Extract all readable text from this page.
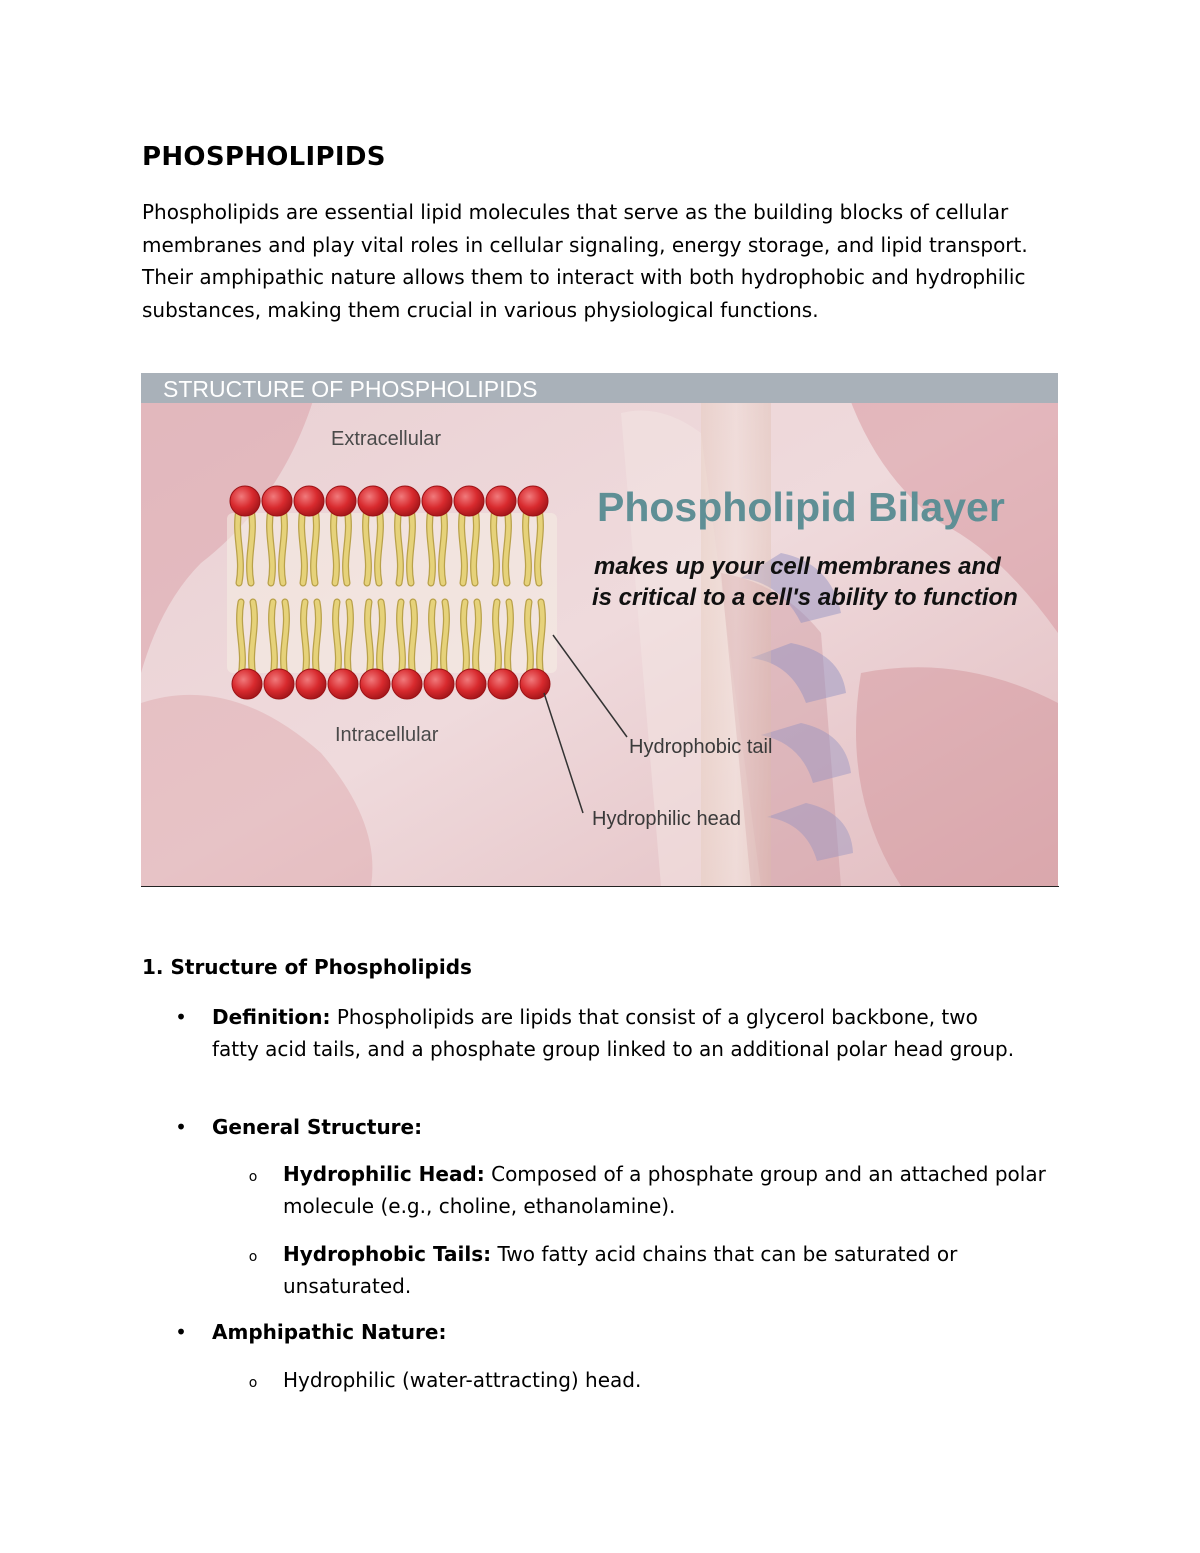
PHOSPHOLIPIDS

Phospholipids are essential lipid molecules that serve as the building blocks of cellular membranes and play vital roles in cellular signaling, energy storage, and lipid transport. Their amphipathic nature allows them to interact with both hydrophobic and hydrophilic substances, making them crucial in various physiological functions.

STRUCTURE OF PHOSPHOLIPIDS
Extracellular
Intracellular
Phospholipid Bilayer
makes up your cell membranes and
is critical to a cell's ability to function
Hydrophobic tail
Hydrophilic head
1. Structure of Phospholipids
• Definition: Phospholipids are lipids that consist of a glycerol backbone, two fatty acid tails, and a phosphate group linked to an additional polar head group.

• General Structure:

o Hydrophilic Head: Composed of a phosphate group and an attached polar molecule (e.g., choline, ethanolamine).

o Hydrophobic Tails: Two fatty acid chains that can be saturated or unsaturated.

• Amphipathic Nature:

o Hydrophilic (water-attracting) head.
